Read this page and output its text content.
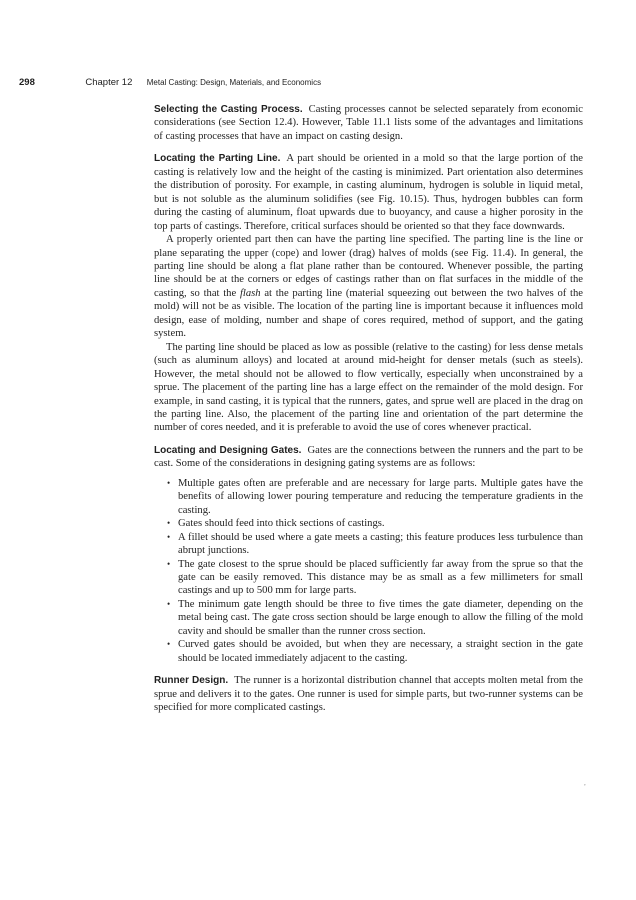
298	Chapter 12 Metal Casting: Design, Materials, and Economics

Selecting the Casting Process. Casting processes cannot be selected separately from economic considerations (see Section 12.4). However, Table 11.1 lists some of the advantages and limitations of casting processes that have an impact on casting design.

Locating the Parting Line. A part should be oriented in a mold so that the large portion of the casting is relatively low and the height of the casting is minimized. Part orientation also determines the distribution of porosity. For example, in casting aluminum, hydrogen is soluble in liquid metal, but is not soluble as the aluminum solidifies (see Fig. 10.15). Thus, hydrogen bubbles can form during the casting of aluminum, float upwards due to buoyancy, and cause a higher porosity in the top parts of castings. Therefore, critical surfaces should be oriented so that they face downwards.

A properly oriented part then can have the parting line specified. The parting line is the line or plane separating the upper (cope) and lower (drag) halves of molds (see Fig. 11.4). In general, the parting line should be along a flat plane rather than be contoured. Whenever possible, the parting line should be at the corners or edges of castings rather than on flat surfaces in the middle of the casting, so that the flash at the parting line (material squeezing out between the two halves of the mold) will not be as visible. The location of the parting line is important because it influences mold design, ease of molding, number and shape of cores required, method of support, and the gating system.

The parting line should be placed as low as possible (relative to the casting) for less dense metals (such as aluminum alloys) and located at around mid-height for denser metals (such as steels). However, the metal should not be allowed to flow vertically, especially when unconstrained by a sprue. The placement of the parting line has a large effect on the remainder of the mold design. For example, in sand casting, it is typical that the runners, gates, and sprue well are placed in the drag on the parting line. Also, the placement of the parting line and orientation of the part determine the number of cores needed, and it is preferable to avoid the use of cores whenever practical.

Locating and Designing Gates. Gates are the connections between the runners and the part to be cast. Some of the considerations in designing gating systems are as follows:

• Multiple gates often are preferable and are necessary for large parts. Multiple gates have the benefits of allowing lower pouring temperature and reducing the temperature gradients in the casting.
• Gates should feed into thick sections of castings.
• A fillet should be used where a gate meets a casting; this feature produces less turbulence than abrupt junctions.
• The gate closest to the sprue should be placed sufficiently far away from the sprue so that the gate can be easily removed. This distance may be as small as a few millimeters for small castings and up to 500 mm for large parts.
• The minimum gate length should be three to five times the gate diameter, depending on the metal being cast. The gate cross section should be large enough to allow the filling of the mold cavity and should be smaller than the runner cross section.
• Curved gates should be avoided, but when they are necessary, a straight section in the gate should be located immediately adjacent to the casting.

Runner Design. The runner is a horizontal distribution channel that accepts molten metal from the sprue and delivers it to the gates. One runner is used for simple parts, but two-runner systems can be specified for more complicated castings.

,
